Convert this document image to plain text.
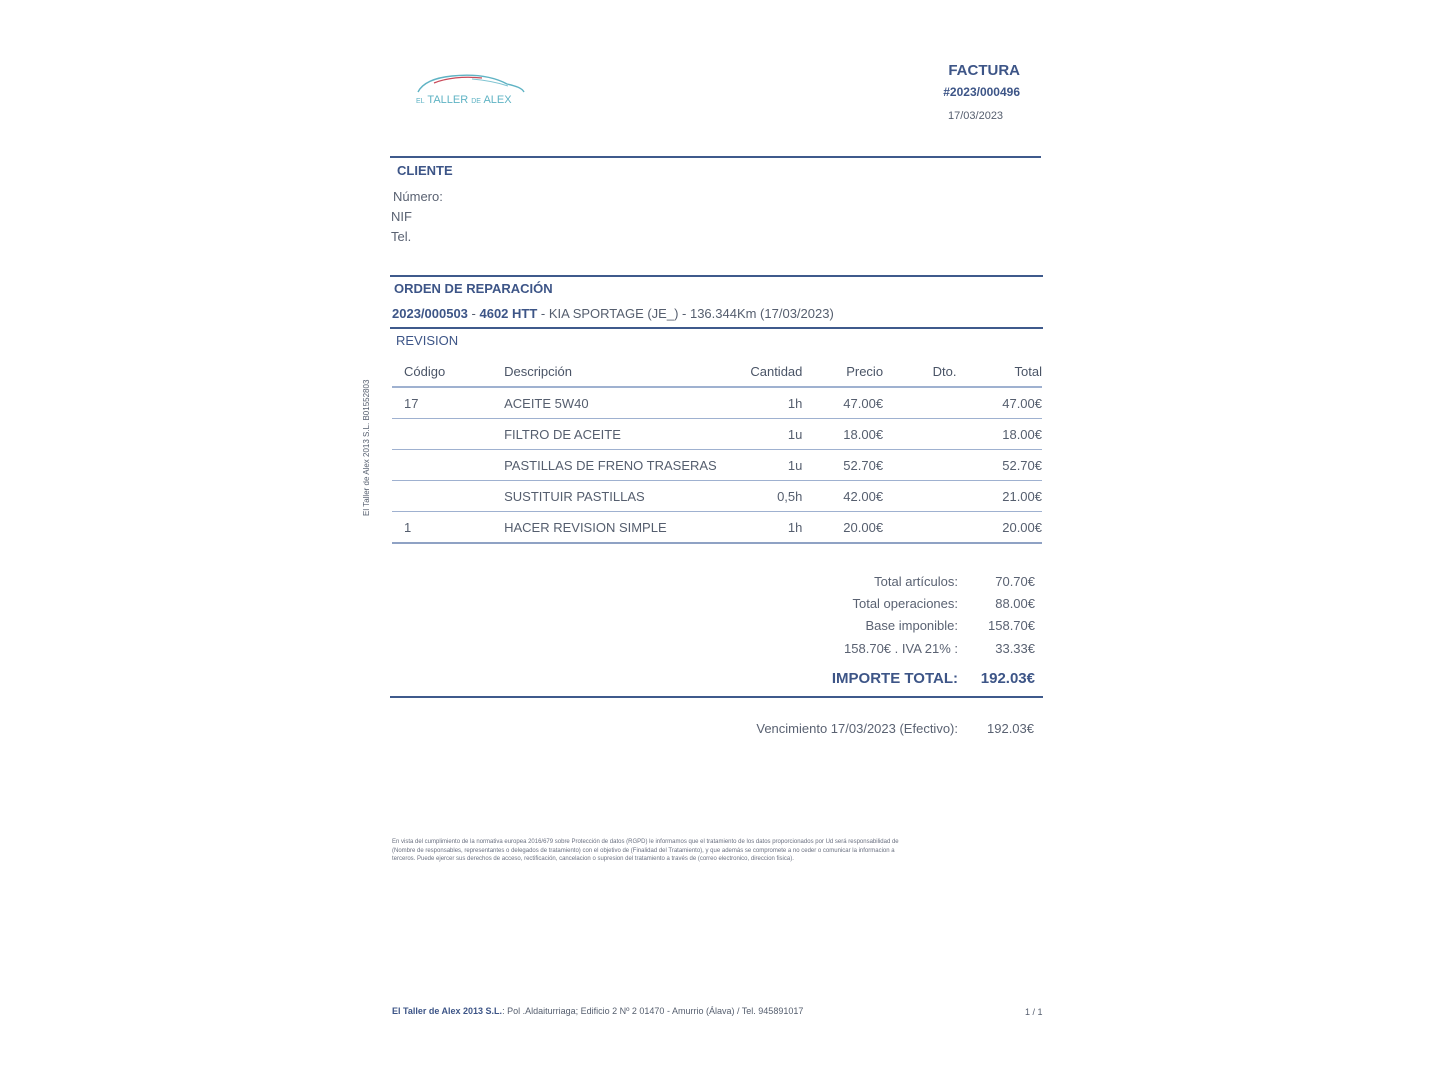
EL TALLER DE ALEX
FACTURA
#2023/000496
17/03/2023
CLIENTE
Número:
NIF
Tel.
ORDEN DE REPARACIÓN
2023/000503 - 4602 HTT - KIA SPORTAGE (JE_) - 136.344Km (17/03/2023)
REVISION
Código	Descripción	Cantidad	Precio	Dto.	Total
17	ACEITE 5W40	1h	47.00€		47.00€
	FILTRO DE ACEITE	1u	18.00€		18.00€
	PASTILLAS DE FRENO TRASERAS	1u	52.70€		52.70€
	SUSTITUIR PASTILLAS	0,5h	42.00€		21.00€
1	HACER REVISION SIMPLE	1h	20.00€		20.00€
Total artículos:	70.70€
Total operaciones:	88.00€
Base imponible: 158.70€
158.70€ . IVA 21% :	33.33€
IMPORTE TOTAL: 192.03€
Vencimiento 17/03/2023 (Efectivo): 192.03€
En vista del cumplimiento de la normativa europea 2016/679 sobre Protección de datos (RGPD) le informamos que el tratamiento de los datos proporcionados por Ud será responsabilidad de (Nombre de responsables, representantes o delegados de tratamiento) con el objetivo de (Finalidad del Tratamiento), y que además se compromete a no ceder o comunicar la informacion a terceros. Puede ejercer sus derechos de acceso, rectificación, cancelacion o supresion del tratamiento a través de (correo electronico, direccion fisica).
El Taller de Alex 2013 S.L.: Pol .Aldaiturriaga; Edificio 2 Nº 2 01470 - Amurrio (Álava) / Tel. 945891017	1 / 1
El Taller de Alex 2013 S.L. B01552803
